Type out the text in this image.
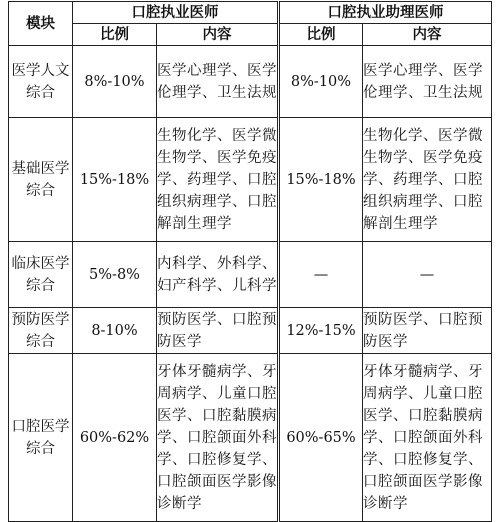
模块	口腔执业医师		口腔执业助理医师	
	比例	内容	比例	内容
医学人文综合	8%-10%	医学心理学、医学伦理学、卫生法规	8%-10%	医学心理学、医学伦理学、卫生法规
基础医学综合	15%-18%	生物化学、医学微生物学、医学免疫学、药理学、口腔组织病理学、口腔解剖生理学	15%-18%	生物化学、医学微生物学、医学免疫学、药理学、口腔组织病理学、口腔解剖生理学
临床医学综合	5%-8%	内科学、外科学、妇产科学、儿科学	—	—
预防医学综合	8-10%	预防医学、口腔预防医学	12%-15%	预防医学、口腔预防医学
口腔医学综合	60%-62%	牙体牙髓病学、牙周病学、儿童口腔医学、口腔黏膜病学、口腔颌面外科学、口腔修复学、口腔颌面医学影像诊断学	60%-65%	牙体牙髓病学、牙周病学、儿童口腔医学、口腔黏膜病学、口腔颌面外科学、口腔修复学、口腔颌面医学影像诊断学
